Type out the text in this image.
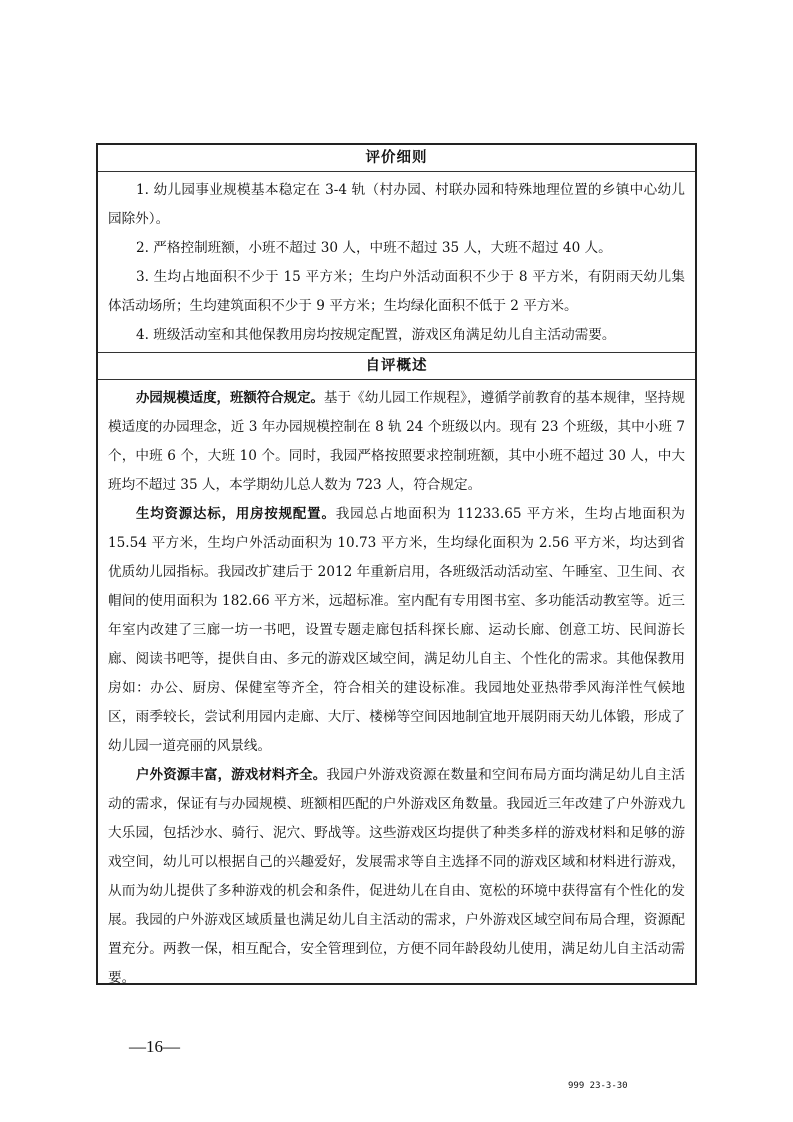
评价细则

1. 幼儿园事业规模基本稳定在 3-4 轨（村办园、村联办园和特殊地理位置的乡镇中心幼儿园除外）。

2. 严格控制班额，小班不超过 30 人，中班不超过 35 人，大班不超过 40 人。

3. 生均占地面积不少于 15 平方米；生均户外活动面积不少于 8 平方米，有阴雨天幼儿集体活动场所；生均建筑面积不少于 9 平方米；生均绿化面积不低于 2 平方米。

4. 班级活动室和其他保教用房均按规定配置，游戏区角满足幼儿自主活动需要。

自评概述

办园规模适度，班额符合规定。基于《幼儿园工作规程》，遵循学前教育的基本规律，坚持规模适度的办园理念，近 3 年办园规模控制在 8 轨 24 个班级以内。现有 23 个班级，其中小班 7 个，中班 6 个，大班 10 个。同时，我园严格按照要求控制班额，其中小班不超过 30 人，中大班均不超过 35 人，本学期幼儿总人数为 723 人，符合规定。

生均资源达标，用房按规配置。我园总占地面积为 11233.65 平方米，生均占地面积为 15.54 平方米，生均户外活动面积为 10.73 平方米，生均绿化面积为 2.56 平方米，均达到省优质幼儿园指标。我园改扩建后于 2012 年重新启用，各班级活动活动室、午睡室、卫生间、衣帽间的使用面积为 182.66 平方米，远超标准。室内配有专用图书室、多功能活动教室等。近三年室内改建了三廊一坊一书吧，设置专题走廊包括科探长廊、运动长廊、创意工坊、民间游长廊、阅读书吧等，提供自由、多元的游戏区域空间，满足幼儿自主、个性化的需求。其他保教用房如：办公、厨房、保健室等齐全，符合相关的建设标准。我园地处亚热带季风海洋性气候地区，雨季较长，尝试利用园内走廊、大厅、楼梯等空间因地制宜地开展阴雨天幼儿体锻，形成了幼儿园一道亮丽的风景线。

户外资源丰富，游戏材料齐全。我园户外游戏资源在数量和空间布局方面均满足幼儿自主活动的需求，保证有与办园规模、班额相匹配的户外游戏区角数量。我园近三年改建了户外游戏九大乐园，包括沙水、骑行、泥穴、野战等。这些游戏区均提供了种类多样的游戏材料和足够的游戏空间，幼儿可以根据自己的兴趣爱好，发展需求等自主选择不同的游戏区域和材料进行游戏，从而为幼儿提供了多种游戏的机会和条件，促进幼儿在自由、宽松的环境中获得富有个性化的发展。我园的户外游戏区域质量也满足幼儿自主活动的需求，户外游戏区域空间布局合理，资源配置充分。两教一保，相互配合，安全管理到位，方便不同年龄段幼儿使用，满足幼儿自主活动需要。

—16—
999 23-3-30
